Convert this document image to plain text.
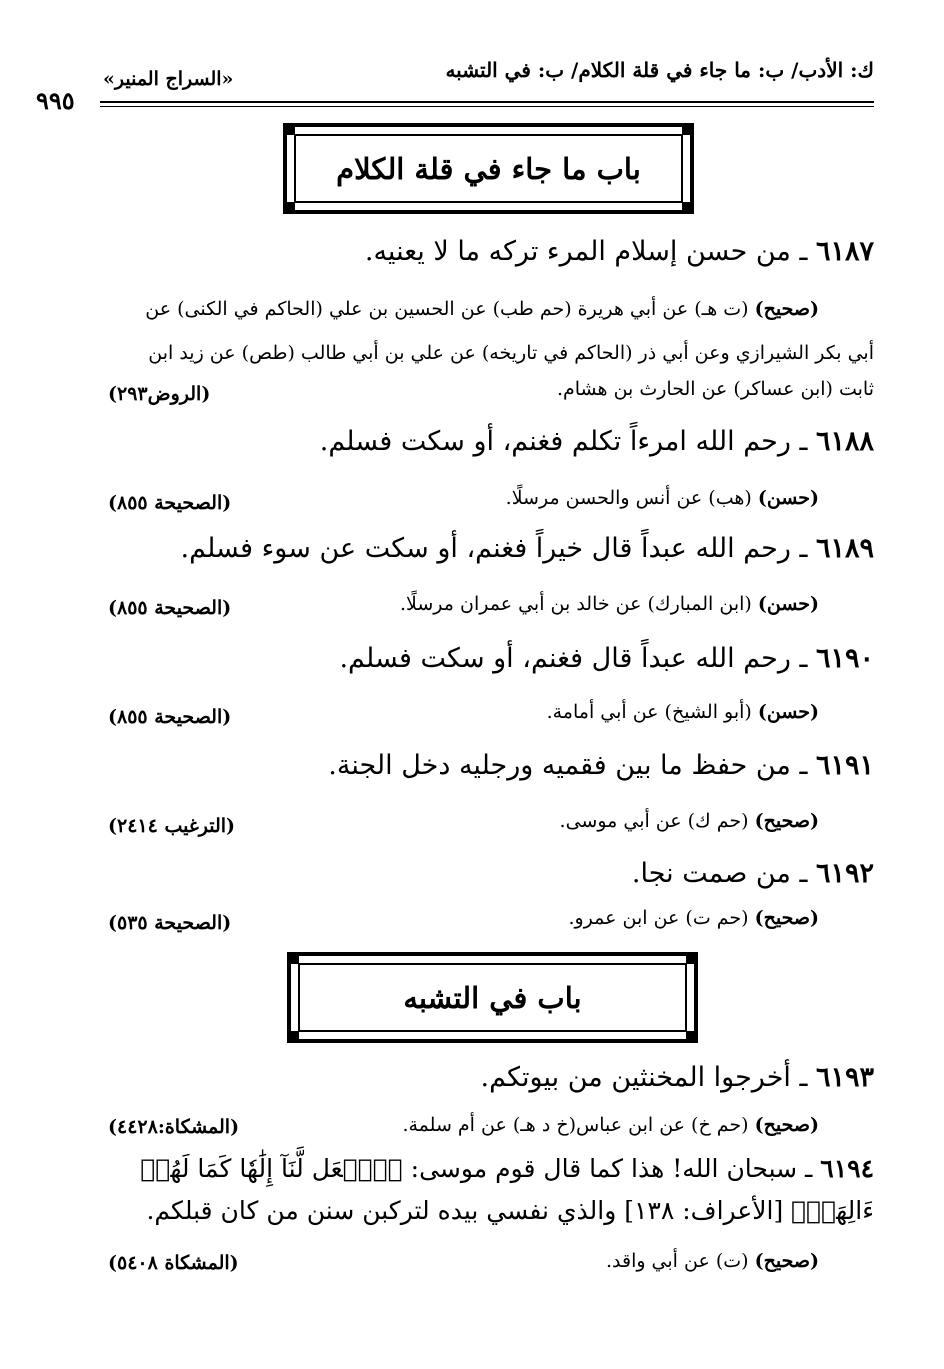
ك: الأدب/ ب: ما جاء في قلة الكلام/ ب: في التشبه
«السراج المنير»
٩٩٥
باب ما جاء في قلة الكلام
٦١٨٧ ـ من حسن إسلام المرء تركه ما لا يعنيه.
(صحيح) (ت هـ) عن أبي هريرة (حم طب) عن الحسين بن علي (الحاكم في الكنى) عن
أبي بكر الشيرازي وعن أبي ذر (الحاكم في تاريخه) عن علي بن أبي طالب (طص) عن زيد ابن
ثابت (ابن عساكر) عن الحارث بن هشام.
(الروض٢٩٣)
٦١٨٨ ـ رحم الله امرءاً تكلم فغنم، أو سكت فسلم.
(حسن) (هب) عن أنس والحسن مرسلًا.
(الصحيحة ٨٥٥)
٦١٨٩ ـ رحم الله عبداً قال خيراً فغنم، أو سكت عن سوء فسلم.
(حسن) (ابن المبارك) عن خالد بن أبي عمران مرسلًا.
(الصحيحة ٨٥٥)
٦١٩٠ ـ رحم الله عبداً قال فغنم، أو سكت فسلم.
(حسن) (أبو الشيخ) عن أبي أمامة.
(الصحيحة ٨٥٥)
٦١٩١ ـ من حفظ ما بين فقميه ورجليه دخل الجنة.
(صحيح) (حم ك) عن أبي موسى.
(الترغيب ٢٤١٤)
٦١٩٢ ـ من صمت نجا.
(صحيح) (حم ت) عن ابن عمرو.
(الصحيحة ٥٣٥)
باب في التشبه
٦١٩٣ ـ أخرجوا المخنثين من بيوتكم.
(صحيح) (حم خ) عن ابن عباس(خ د هـ) عن أم سلمة.
(المشكاة:٤٤٢٨)
٦١٩٤ ـ سبحان الله! هذا كما قال قوم موسى: ﴿ٱجۡعَل لَّنَآ إِلَٰهٗا كَمَا لَهُمۡ
ءَالِهَةٞ﴾ [الأعراف: ١٣٨] والذي نفسي بيده لتركبن سنن من كان قبلكم.
(صحيح) (ت) عن أبي واقد.
(المشكاة ٥٤٠٨)
